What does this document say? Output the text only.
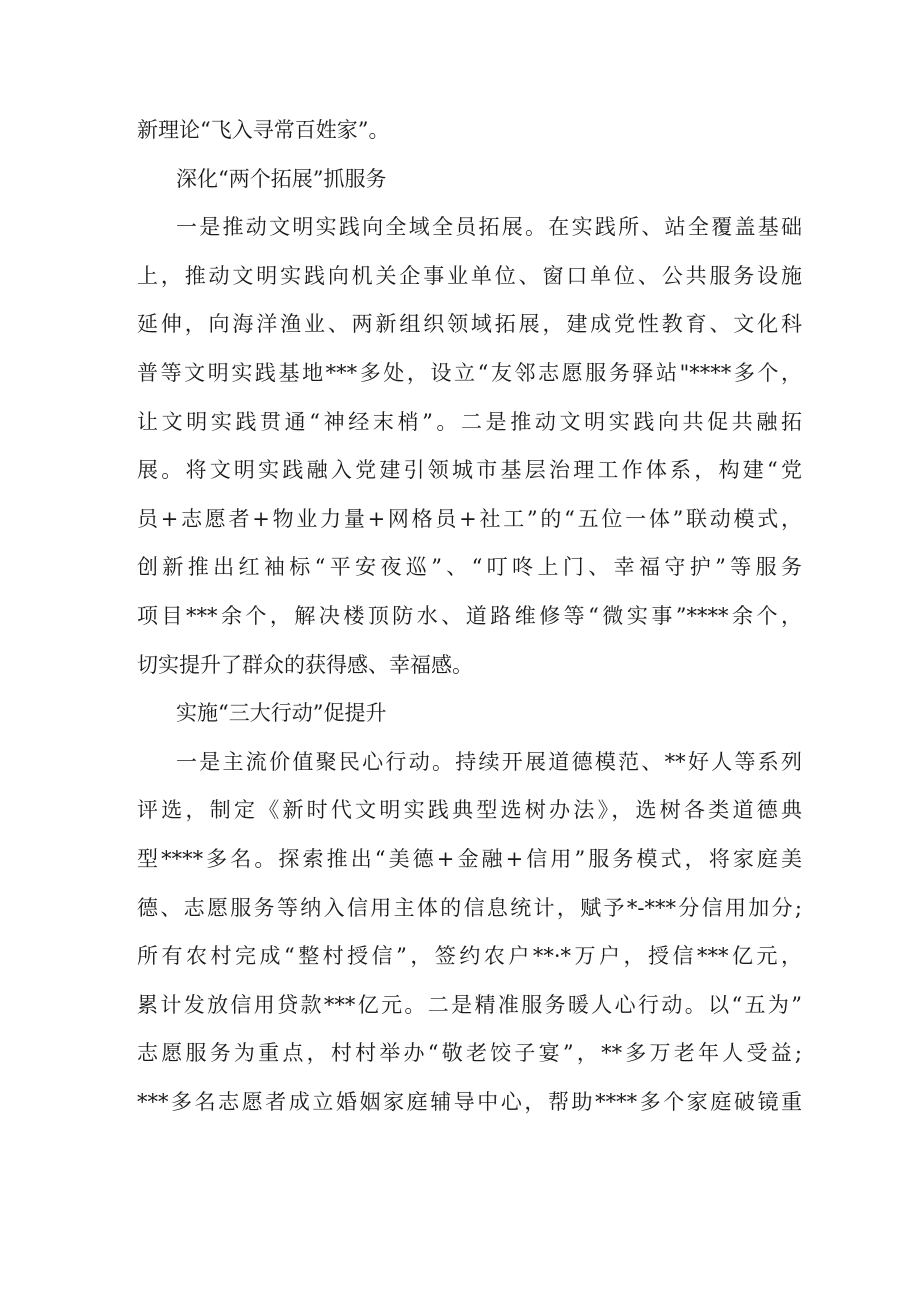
新理论“飞入寻常百姓家”。
深化“两个拓展”抓服务
一是推动文明实践向全域全员拓展。在实践所、站全覆盖基础
上，推动文明实践向机关企事业单位、窗口单位、公共服务设施
延伸，向海洋渔业、两新组织领域拓展，建成党性教育、文化科
普等文明实践基地***多处，设立“友邻志愿服务驿站"****多个，
让文明实践贯通“神经末梢”。二是推动文明实践向共促共融拓
展。将文明实践融入党建引领城市基层治理工作体系，构建“党
员+志愿者+物业力量+网格员+社工”的“五位一体”联动模式，
创新推出红袖标“平安夜巡”、“叮咚上门、幸福守护”等服务
项目***余个，解决楼顶防水、道路维修等“微实事”****余个，
切实提升了群众的获得感、幸福感。
实施“三大行动”促提升
一是主流价值聚民心行动。持续开展道德模范、**好人等系列
评选，制定《新时代文明实践典型选树办法》，选树各类道德典
型****多名。探索推出“美德+金融+信用”服务模式，将家庭美
德、志愿服务等纳入信用主体的信息统计，赋予*-***分信用加分;
所有农村完成“整村授信”，签约农户**·*万户，授信***亿元，
累计发放信用贷款***亿元。二是精准服务暖人心行动。以“五为”
志愿服务为重点，村村举办“敬老饺子宴”，**多万老年人受益;
***多名志愿者成立婚姻家庭辅导中心，帮助****多个家庭破镜重
